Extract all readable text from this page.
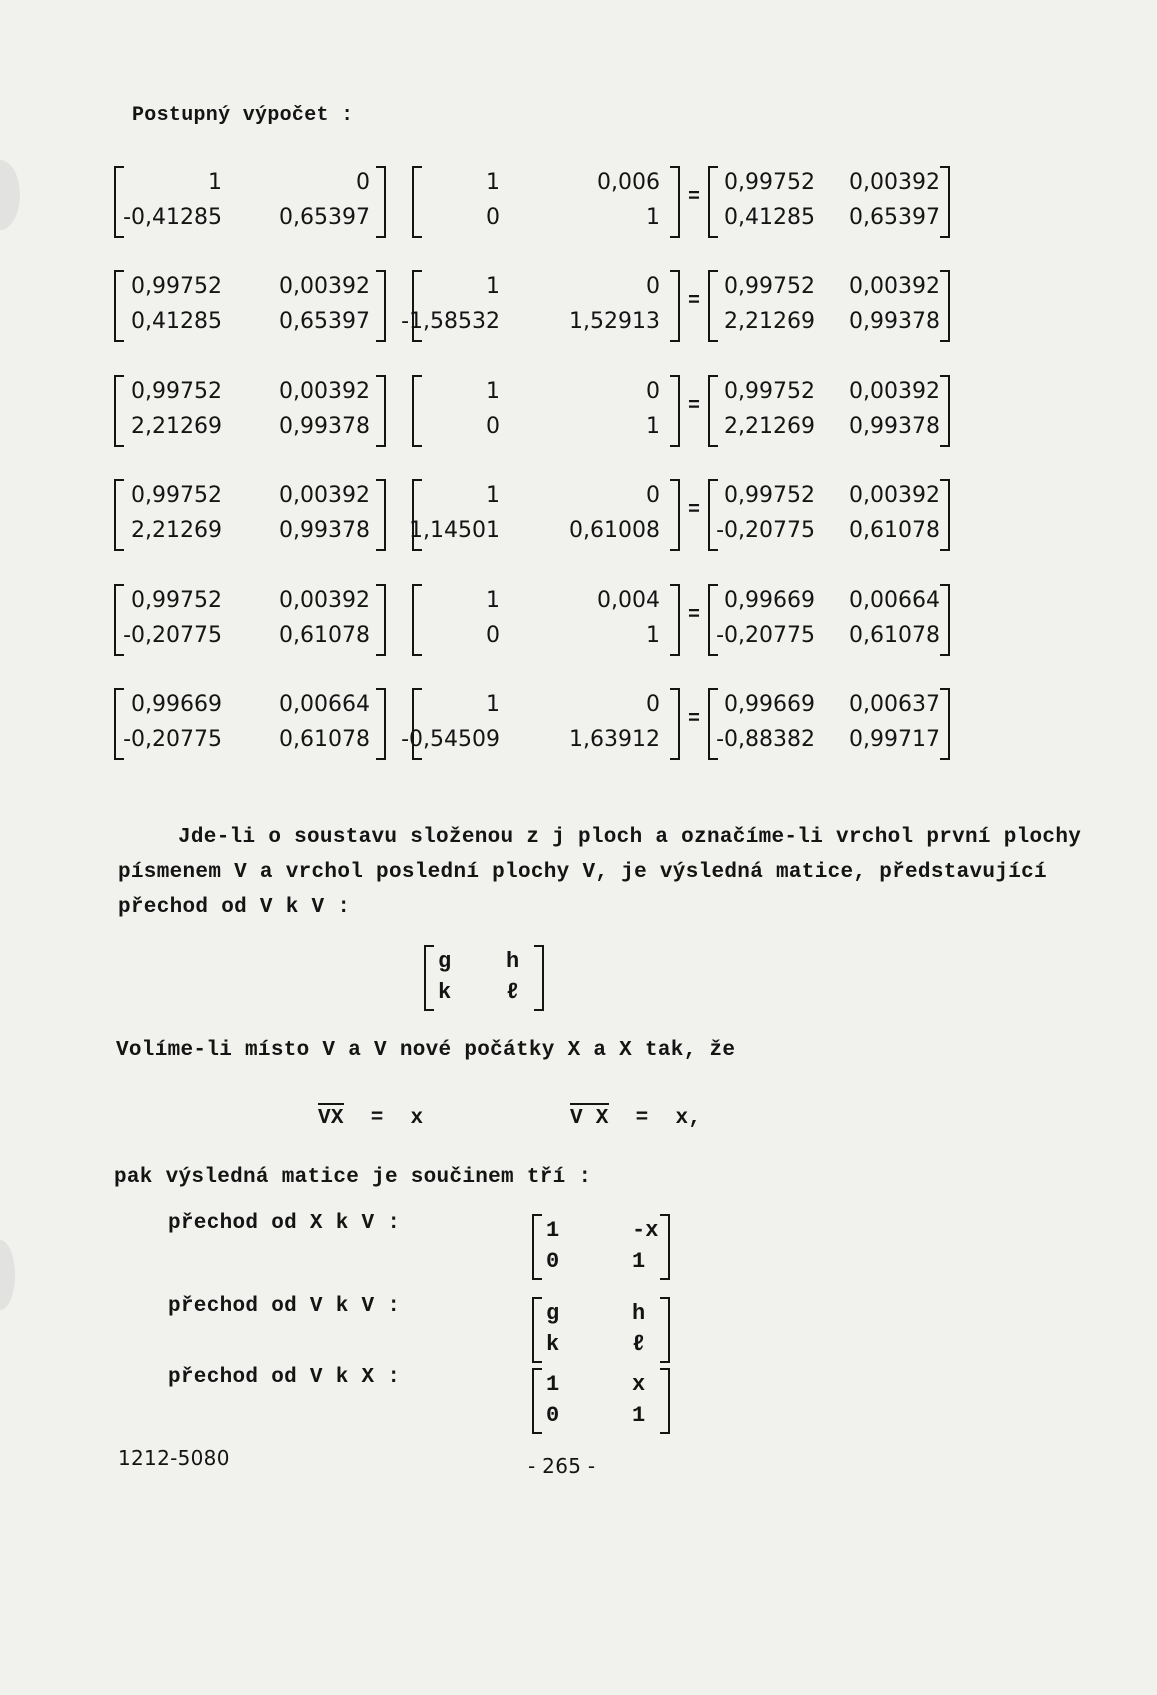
Postupný výpočet :
1	0
-0,41285	0,65397
1	0,006
0	1
0,99752 0,00392
0,41285 0,65397
=
0,99752	0,00392
0,41285	0,65397
1	0
-1,58532	1,52913
0,99752 0,00392
2,21269 0,99378
=
0,99752	0,00392
2,21269	0,99378
1	0
0	1
0,99752 0,00392
2,21269 0,99378
=
0,99752	0,00392
2,21269	0,99378
1	0
1,14501	0,61008
0,99752 0,00392
-0,20775 0,61078
=
0,99752	0,00392
-0,20775	0,61078
1	0,004
0	1
0,99669 0,00664
-0,20775 0,61078
=
0,99669	0,00664
-0,20775	0,61078
1	0
-0,54509	1,63912
0,99669 0,00637
-0,88382 0,99717
=
Jde-li o soustavu složenou z j ploch a označíme-li vrchol první plochy
písmenem V a vrchol poslední plochy V, je výsledná matice, představující
přechod od V k V :
g h
k ℓ
Volíme-li místo V a V nové počátky X a X tak, že
VX = x	V X = x,
pak výsledná matice je součinem tří :
přechod od X k V :	1	-x
0	1
přechod od V k V :	g	h
k	ℓ
přechod od V k X :	1	x
0	1
1212-5080	- 265 -
